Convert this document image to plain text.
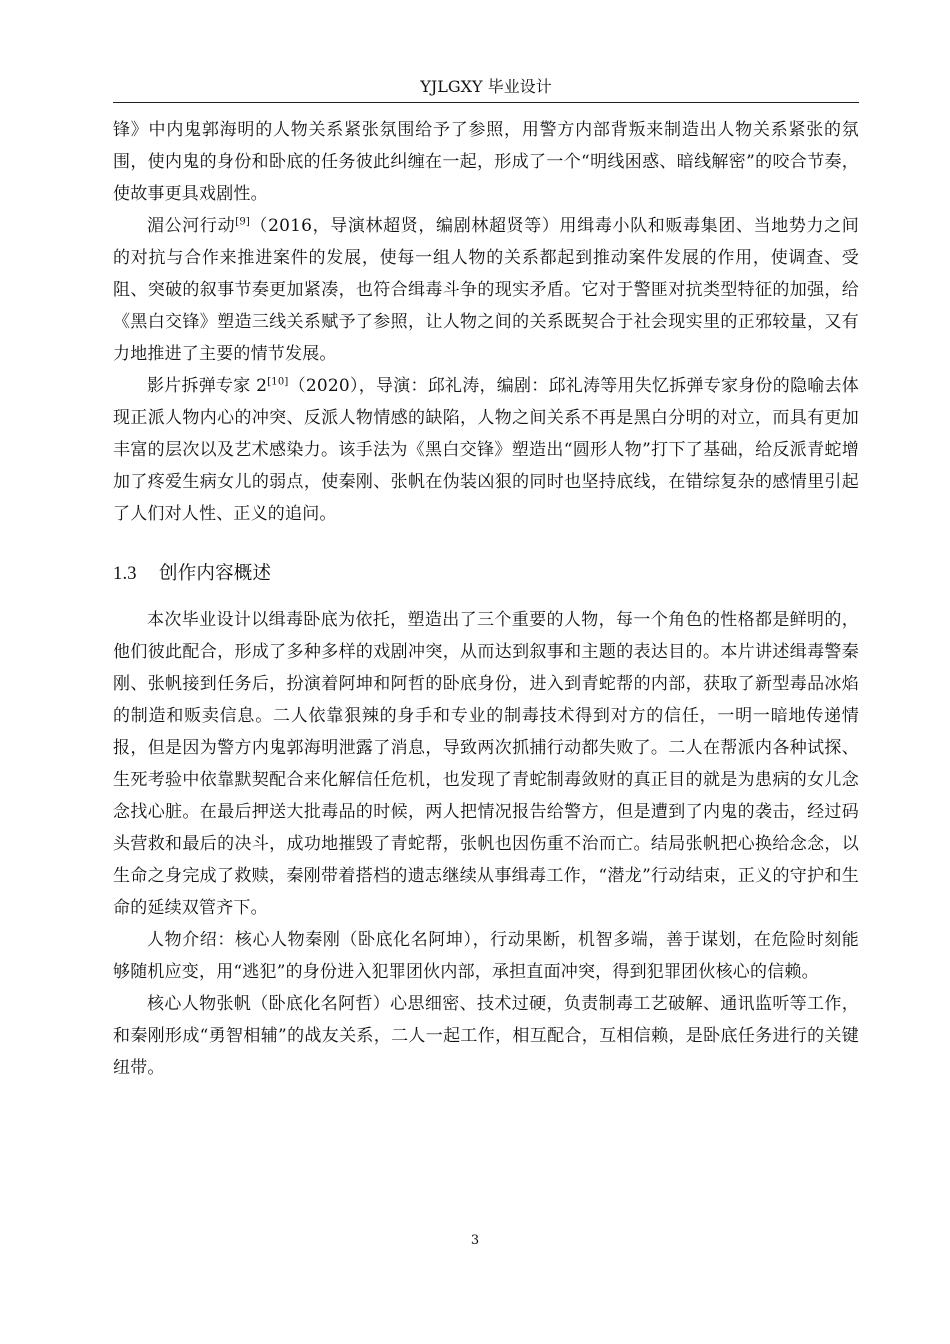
YJLGXY 毕业设计

锋》中内鬼郭海明的人物关系紧张氛围给予了参照，用警方内部背叛来制造出人物关系紧张的氛围，使内鬼的身份和卧底的任务彼此纠缠在一起，形成了一个“明线困惑、暗线解密”的咬合节奏，使故事更具戏剧性。

湄公河行动[9]（2016，导演林超贤，编剧林超贤等）用缉毒小队和贩毒集团、当地势力之间的对抗与合作来推进案件的发展，使每一组人物的关系都起到推动案件发展的作用，使调查、受阻、突破的叙事节奏更加紧凑，也符合缉毒斗争的现实矛盾。它对于警匪对抗类型特征的加强，给《黑白交锋》塑造三线关系赋予了参照，让人物之间的关系既契合于社会现实里的正邪较量，又有力地推进了主要的情节发展。

影片拆弹专家 2[10]（2020），导演：邱礼涛，编剧：邱礼涛等用失忆拆弹专家身份的隐喻去体现正派人物内心的冲突、反派人物情感的缺陷，人物之间关系不再是黑白分明的对立，而具有更加丰富的层次以及艺术感染力。该手法为《黑白交锋》塑造出“圆形人物”打下了基础，给反派青蛇增加了疼爱生病女儿的弱点，使秦刚、张帆在伪装凶狠的同时也坚持底线，在错综复杂的感情里引起了人们对人性、正义的追问。

1.3 创作内容概述

本次毕业设计以缉毒卧底为依托，塑造出了三个重要的人物，每一个角色的性格都是鲜明的，他们彼此配合，形成了多种多样的戏剧冲突，从而达到叙事和主题的表达目的。本片讲述缉毒警秦刚、张帆接到任务后，扮演着阿坤和阿哲的卧底身份，进入到青蛇帮的内部，获取了新型毒品冰焰的制造和贩卖信息。二人依靠狠辣的身手和专业的制毒技术得到对方的信任，一明一暗地传递情报，但是因为警方内鬼郭海明泄露了消息，导致两次抓捕行动都失败了。二人在帮派内各种试探、生死考验中依靠默契配合来化解信任危机，也发现了青蛇制毒敛财的真正目的就是为患病的女儿念念找心脏。在最后押送大批毒品的时候，两人把情况报告给警方，但是遭到了内鬼的袭击，经过码头营救和最后的决斗，成功地摧毁了青蛇帮，张帆也因伤重不治而亡。结局张帆把心换给念念，以生命之身完成了救赎，秦刚带着搭档的遗志继续从事缉毒工作，“潜龙”行动结束，正义的守护和生命的延续双管齐下。

人物介绍：核心人物秦刚（卧底化名阿坤），行动果断，机智多端，善于谋划，在危险时刻能够随机应变，用“逃犯”的身份进入犯罪团伙内部，承担直面冲突，得到犯罪团伙核心的信赖。

核心人物张帆（卧底化名阿哲）心思细密、技术过硬，负责制毒工艺破解、通讯监听等工作，和秦刚形成“勇智相辅”的战友关系，二人一起工作，相互配合，互相信赖，是卧底任务进行的关键纽带。

3
